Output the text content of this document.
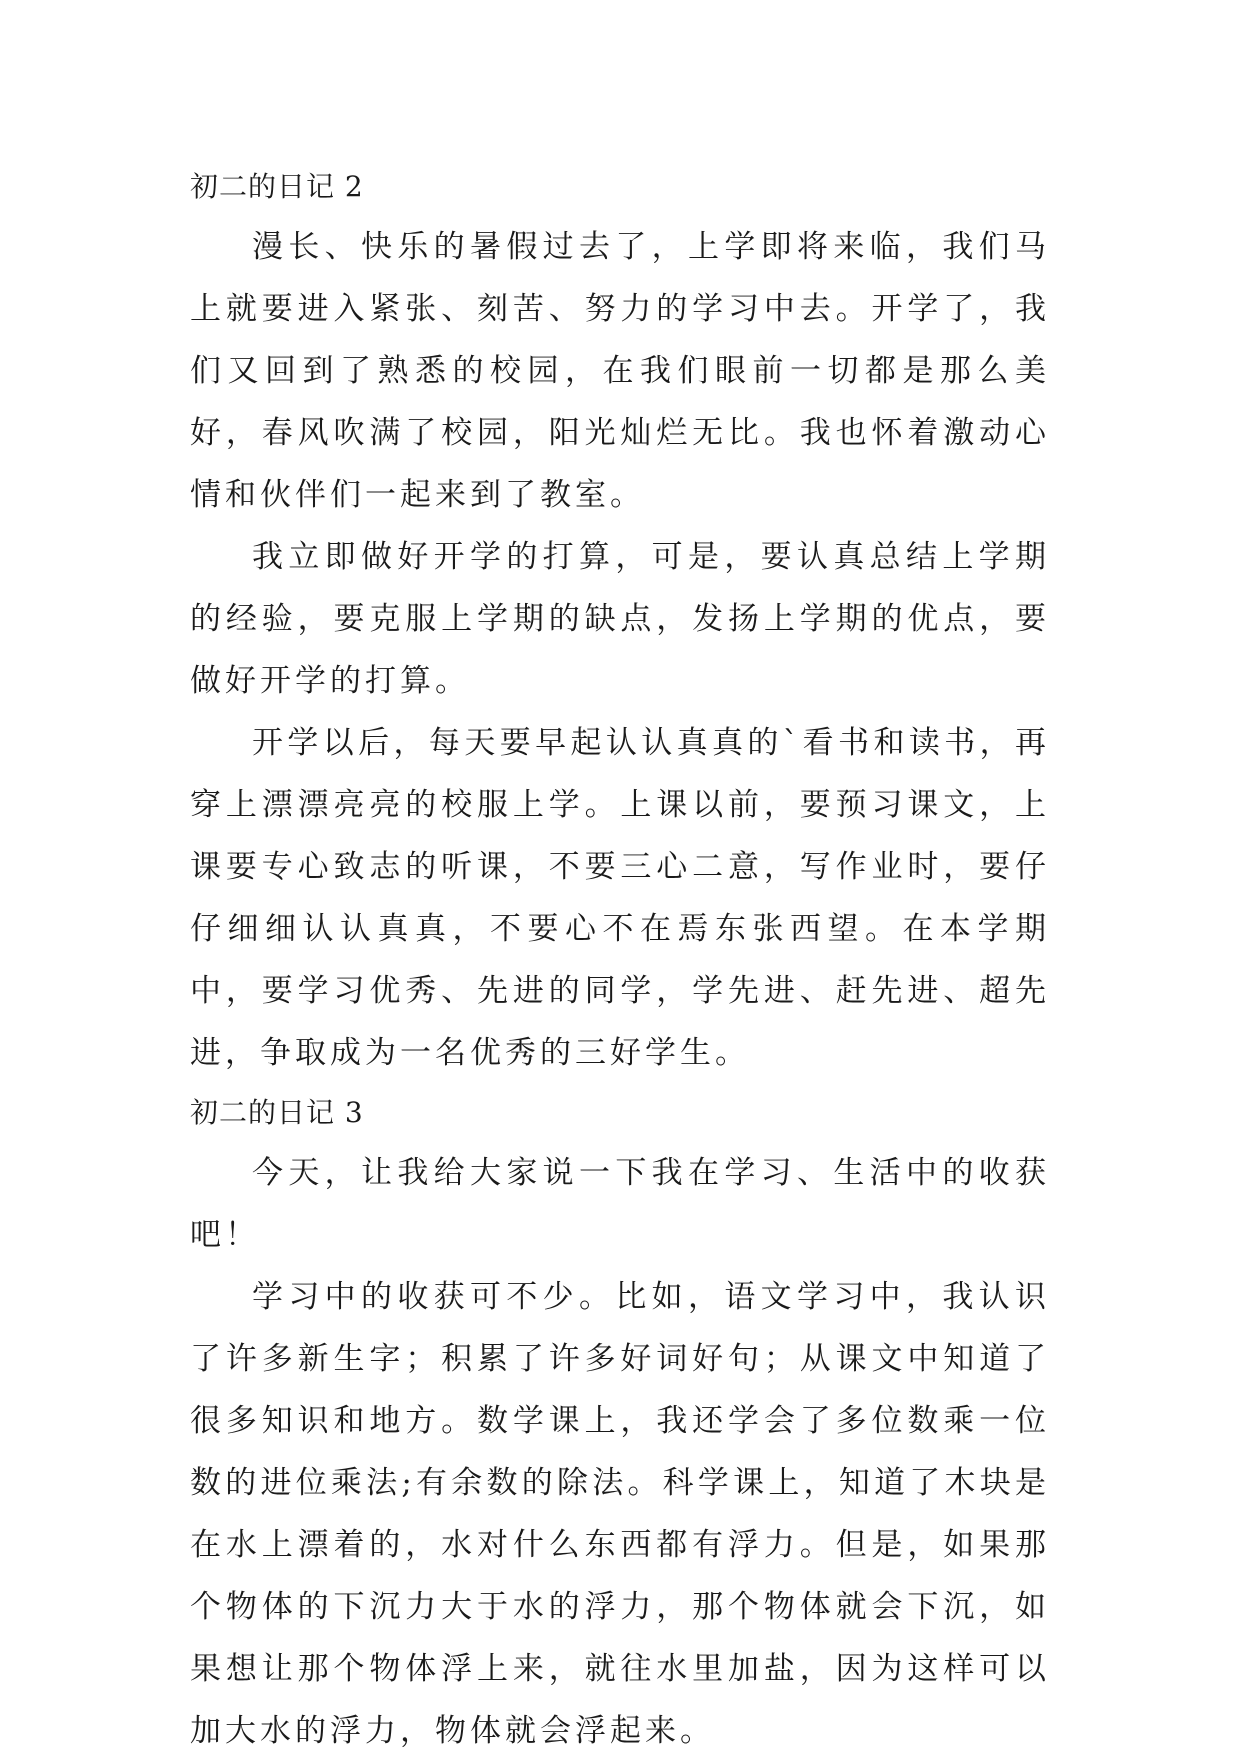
初二的日记 2

漫长、快乐的暑假过去了，上学即将来临，我们马上就要进入紧张、刻苦、努力的学习中去。开学了，我们又回到了熟悉的校园，在我们眼前一切都是那么美好，春风吹满了校园，阳光灿烂无比。我也怀着激动心情和伙伴们一起来到了教室。

我立即做好开学的打算，可是，要认真总结上学期的经验，要克服上学期的缺点，发扬上学期的优点，要做好开学的打算。

开学以后，每天要早起认认真真的`看书和读书，再穿上漂漂亮亮的校服上学。上课以前，要预习课文，上课要专心致志的听课，不要三心二意，写作业时，要仔仔细细认认真真，不要心不在焉东张西望。在本学期中，要学习优秀、先进的同学，学先进、赶先进、超先进，争取成为一名优秀的三好学生。

初二的日记 3

今天，让我给大家说一下我在学习、生活中的收获吧！

学习中的收获可不少。比如，语文学习中，我认识了许多新生字；积累了许多好词好句；从课文中知道了很多知识和地方。数学课上，我还学会了多位数乘一位数的进位乘法;有余数的除法。科学课上，知道了木块是在水上漂着的，水对什么东西都有浮力。但是，如果那个物体的下沉力大于水的浮力，那个物体就会下沉，如果想让那个物体浮上来，就往水里加盐，因为这样可以加大水的浮力，物体就会浮起来。
